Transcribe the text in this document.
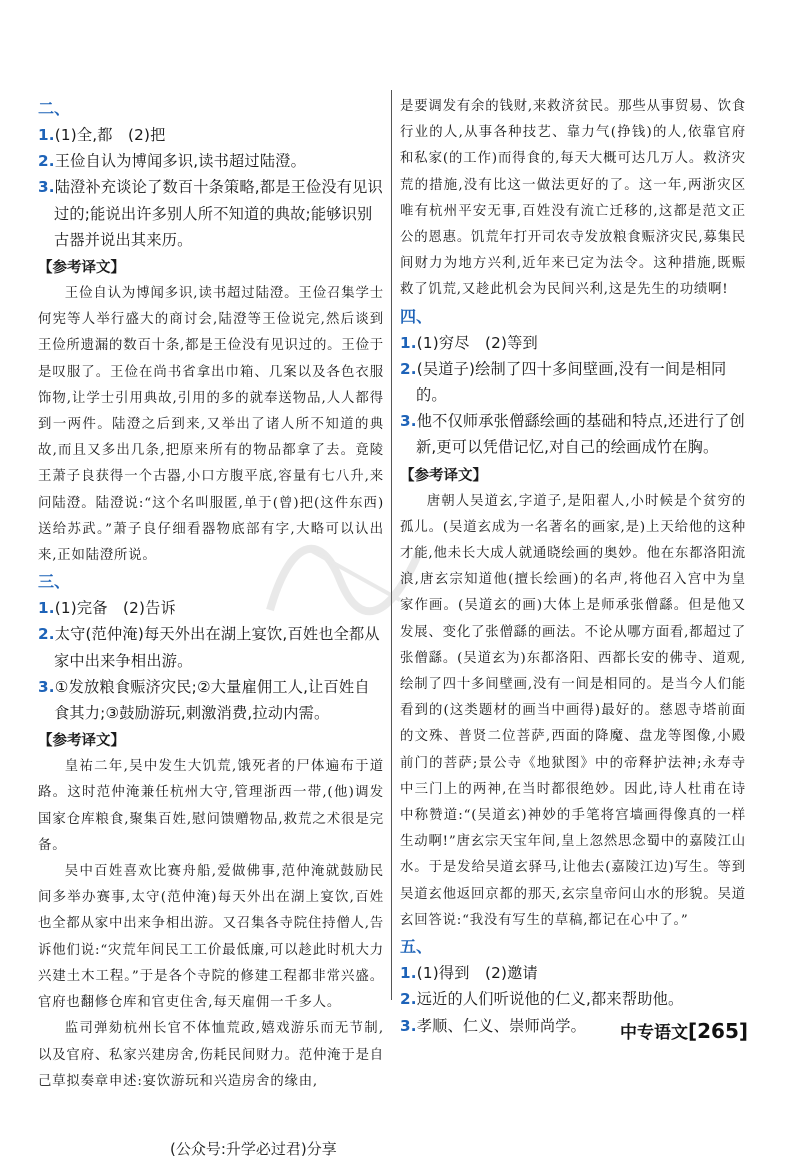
二、

1.(1)全,都　(2)把

2.王俭自认为博闻多识,读书超过陆澄。

3.陆澄补充谈论了数百十条策略,都是王俭没有见识过的;能说出许多别人所不知道的典故;能够识别古器并说出其来历。

【参考译文】

王俭自认为博闻多识,读书超过陆澄。王俭召集学士何宪等人举行盛大的商讨会,陆澄等王俭说完,然后谈到王俭所遗漏的数百十条,都是王俭没有见识过的。王俭于是叹服了。王俭在尚书省拿出巾箱、几案以及各色衣服饰物,让学士引用典故,引用的多的就奉送物品,人人都得到一两件。陆澄之后到来,又举出了诸人所不知道的典故,而且又多出几条,把原来所有的物品都拿了去。竟陵王萧子良获得一个古器,小口方腹平底,容量有七八升,来问陆澄。陆澄说:“这个名叫服匿,单于(曾)把(这件东西)送给苏武。”萧子良仔细看器物底部有字,大略可以认出来,正如陆澄所说。

三、

1.(1)完备　(2)告诉

2.太守(范仲淹)每天外出在湖上宴饮,百姓也全都从家中出来争相出游。

3.①发放粮食赈济灾民;②大量雇佣工人,让百姓自食其力;③鼓励游玩,刺激消费,拉动内需。

【参考译文】

皇祐二年,吴中发生大饥荒,饿死者的尸体遍布于道路。这时范仲淹兼任杭州大守,管理浙西一带,(他)调发国家仓库粮食,聚集百姓,慰问馈赠物品,救荒之术很是完备。

吴中百姓喜欢比赛舟船,爱做佛事,范仲淹就鼓励民间多举办赛事,太守(范仲淹)每天外出在湖上宴饮,百姓也全都从家中出来争相出游。又召集各寺院住持僧人,告诉他们说:“灾荒年间民工工价最低廉,可以趁此时机大力兴建土木工程。”于是各个寺院的修建工程都非常兴盛。官府也翻修仓库和官吏住舍,每天雇佣一千多人。

监司弹劾杭州长官不体恤荒政,嬉戏游乐而无节制,以及官府、私家兴建房舍,伤耗民间财力。范仲淹于是自己草拟奏章申述:宴饮游玩和兴造房舍的缘由,

是要调发有余的钱财,来救济贫民。那些从事贸易、饮食行业的人,从事各种技艺、靠力气(挣钱)的人,依靠官府和私家(的工作)而得食的,每天大概可达几万人。救济灾荒的措施,没有比这一做法更好的了。这一年,两浙灾区唯有杭州平安无事,百姓没有流亡迁移的,这都是范文正公的恩惠。饥荒年打开司农寺发放粮食赈济灾民,募集民间财力为地方兴利,近年来已定为法令。这种措施,既赈救了饥荒,又趁此机会为民间兴利,这是先生的功绩啊!

四、

1.(1)穷尽　(2)等到

2.(吴道子)绘制了四十多间壁画,没有一间是相同的。

3.他不仅师承张僧繇绘画的基础和特点,还进行了创新,更可以凭借记忆,对自己的绘画成竹在胸。

【参考译文】

唐朝人吴道玄,字道子,是阳翟人,小时候是个贫穷的孤儿。(吴道玄成为一名著名的画家,是)上天给他的这种才能,他未长大成人就通晓绘画的奥妙。他在东都洛阳流浪,唐玄宗知道他(擅长绘画)的名声,将他召入宫中为皇家作画。(吴道玄的画)大体上是师承张僧繇。但是他又发展、变化了张僧繇的画法。不论从哪方面看,都超过了张僧繇。(吴道玄为)东都洛阳、西都长安的佛寺、道观,绘制了四十多间壁画,没有一间是相同的。是当今人们能看到的(这类题材的画当中画得)最好的。慈恩寺塔前面的文殊、普贤二位菩萨,西面的降魔、盘龙等图像,小殿前门的菩萨;景公寺《地狱图》中的帝释护法神;永寿寺中三门上的两神,在当时都很绝妙。因此,诗人杜甫在诗中称赞道:“(吴道玄)神妙的手笔将宫墙画得像真的一样生动啊!”唐玄宗天宝年间,皇上忽然思念蜀中的嘉陵江山水。于是发给吴道玄驿马,让他去(嘉陵江边)写生。等到吴道玄他返回京都的那天,玄宗皇帝问山水的形貌。吴道玄回答说:“我没有写生的草稿,都记在心中了。”

五、

1.(1)得到　(2)邀请

2.远近的人们听说他的仁义,都来帮助他。

3.孝顺、仁义、崇师尚学。	中专语文[265]
(公众号:升学必过君)分享
